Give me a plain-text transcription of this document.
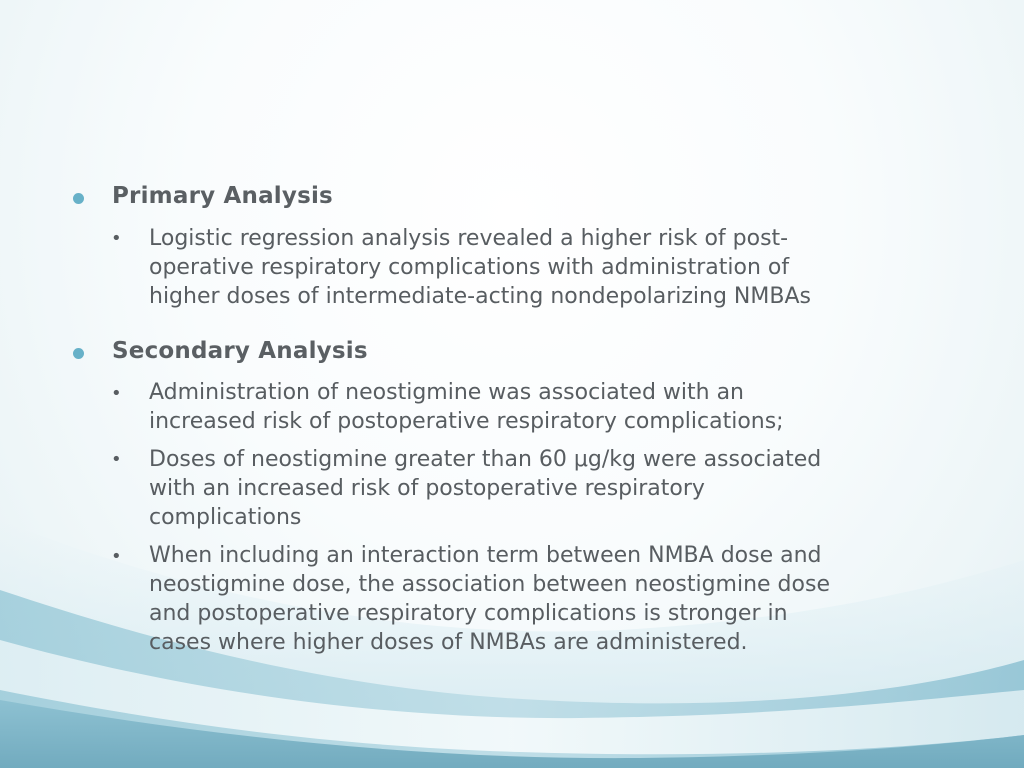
Primary Analysis
• Logistic regression analysis revealed a higher risk of post-
operative respiratory complications with administration of
higher doses of intermediate-acting nondepolarizing NMBAs
Secondary Analysis
• Administration of neostigmine was associated with an
increased risk of postoperative respiratory complications;
• Doses of neostigmine greater than 60 μg/kg were associated
with an increased risk of postoperative respiratory
complications
• When including an interaction term between NMBA dose and
neostigmine dose, the association between neostigmine dose
and postoperative respiratory complications is stronger in
cases where higher doses of NMBAs are administered.
